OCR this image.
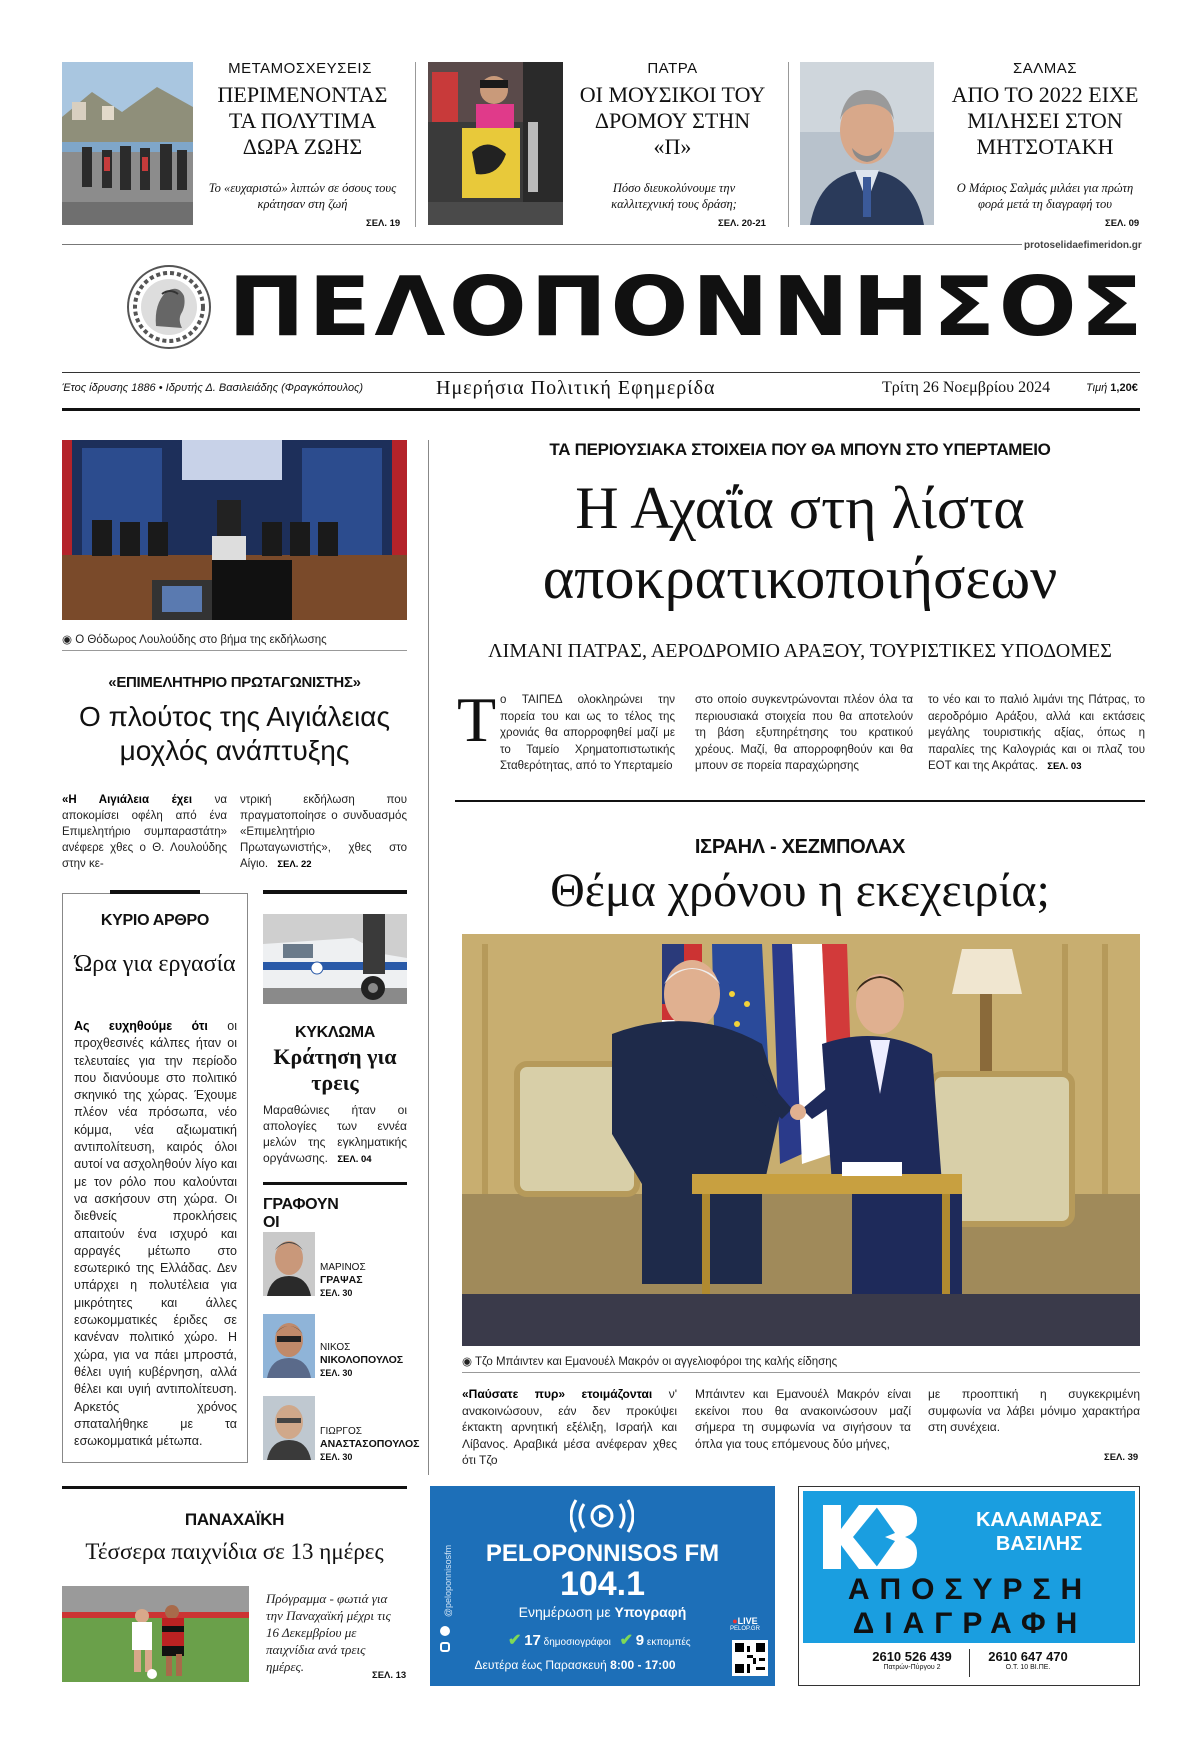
ΜΕΤΑΜΟΣΧΕΥΣΕΙΣ
ΠΕΡΙΜΕΝΟΝΤΑΣ ΤΑ ΠΟΛΥΤΙΜΑ ΔΩΡΑ ΖΩΗΣ
Το «ευχαριστώ» λιπτών σε όσους τους κράτησαν στη ζωή
ΣΕΛ. 19
ΠΑΤΡΑ
ΟΙ ΜΟΥΣΙΚΟΙ ΤΟΥ ΔΡΟΜΟΥ ΣΤΗΝ «Π»
Πόσο διευκολύνουμε την καλλιτεχνική τους δράση;
ΣΕΛ. 20-21
ΣΑΛΜΑΣ
ΑΠΟ ΤΟ 2022 ΕΙΧΕ ΜΙΛΗΣΕΙ ΣΤΟΝ ΜΗΤΣΟΤΑΚΗ
Ο Μάριος Σαλμάς μιλάει για πρώτη φορά μετά τη διαγραφή του
ΣΕΛ. 09
protoselidaefimeridon.gr
ΠΕΛΟΠΟΝΝΗΣΟΣ
Έτος ίδρυσης 1886 • Ιδρυτής Δ. Βασιλειάδης (Φραγκόπουλος)	Ημερήσια Πολιτική Εφημερίδα	Τρίτη 26 Νοεμβρίου 2024	Τιμή 1,20€
◉ Ο Θόδωρος Λουλούδης στο βήμα της εκδήλωσης
«ΕΠΙΜΕΛΗΤΗΡΙΟ ΠΡΩΤΑΓΩΝΙΣΤΗΣ»
Ο πλούτος της Αιγιάλειας μοχλός ανάπτυξης
«Η Αιγιάλεια έχει να αποκομίσει οφέλη από ένα Επιμελητήριο συμπαραστάτη» ανέφερε χθες ο Θ. Λουλούδης στην κε-
ντρική εκδήλωση που πραγματοποίησε ο συνδυασμός «Επιμελητήριο Πρωταγωνιστής», χθες στο Αίγιο. ΣΕΛ. 22
ΚΥΡΙΟ ΑΡΘΡΟ
Ώρα για εργασία
Ας ευχηθούμε ότι οι προχθεσινές κάλπες ήταν οι τελευταίες για την περίοδο που διανύουμε στο πολιτικό σκηνικό της χώρας. Έχουμε πλέον νέα πρόσωπα, νέο κόμμα, νέα αξιωματική αντιπολίτευση, καιρός όλοι αυτοί να ασχοληθούν λίγο και με τον ρόλο που καλούνται να ασκήσουν στη χώρα. Οι διεθνείς προκλήσεις απαιτούν ένα ισχυρό και αρραγές μέτωπο στο εσωτερικό της Ελλάδας. Δεν υπάρχει η πολυτέλεια για μικρότητες και άλλες εσωκομματικές έριδες σε κανέναν πολιτικό χώρο. Η χώρα, για να πάει μπροστά, θέλει υγιή κυβέρνηση, αλλά θέλει και υγιή αντιπολίτευση. Αρκετός χρόνος σπαταλήθηκε με τα εσωκομματικά μέτωπα.
ΚΥΚΛΩΜΑ
Κράτηση για τρεις
Μαραθώνιες ήταν οι απολογίες των εννέα μελών της εγκληματικής οργάνωσης. ΣΕΛ. 04
ΓΡΑΦΟΥΝ ΟΙ
ΜΑΡΙΝΟΣ
ΓΡΑΨΑΣ
ΣΕΛ. 30
ΝΙΚΟΣ
ΝΙΚΟΛΟΠΟΥΛΟΣ
ΣΕΛ. 30
ΓΙΩΡΓΟΣ
ΑΝΑΣΤΑΣΟΠΟΥΛΟΣ
ΣΕΛ. 30
ΤΑ ΠΕΡΙΟΥΣΙΑΚΑ ΣΤΟΙΧΕΙΑ ΠΟΥ ΘΑ ΜΠΟΥΝ ΣΤΟ ΥΠΕΡΤΑΜΕΙΟ
Η Αχαΐα στη λίστα
αποκρατικοποιήσεων
ΛΙΜΑΝΙ ΠΑΤΡΑΣ, ΑΕΡΟΔΡΟΜΙΟ ΑΡΑΞΟΥ, ΤΟΥΡΙΣΤΙΚΕΣ ΥΠΟΔΟΜΕΣ
Τ ο ΤΑΙΠΕΔ ολοκληρώνει την πορεία του και ως το τέλος της χρονιάς θα απορροφηθεί μαζί με το Ταμείο Χρηματοπιστωτικής Σταθερότητας, από το Υπερταμείο
στο οποίο συγκεντρώνονται πλέον όλα τα περιουσιακά στοιχεία που θα αποτελούν τη βάση εξυπηρέτησης του κρατικού χρέους. Μαζί, θα απορροφηθούν και θα μπουν σε πορεία παραχώρησης
το νέο και το παλιό λιμάνι της Πάτρας, το αεροδρόμιο Αράξου, αλλά και εκτάσεις μεγάλης τουριστικής αξίας, όπως η παραλίες της Καλογριάς και οι πλαζ του ΕΟΤ και της Ακράτας. ΣΕΛ. 03
ΙΣΡΑΗΛ - ΧΕΖΜΠΟΛΑΧ
Θέμα χρόνου η εκεχειρία;
◉ Τζο Μπάιντεν και Εμανουέλ Μακρόν οι αγγελιοφόροι της καλής είδησης
«Παύσατε πυρ» ετοιμάζονται ν' ανακοινώσουν, εάν δεν προκύψει έκτακτη αρνητική εξέλιξη, Ισραήλ και Λίβανος. Αραβικά μέσα ανέφεραν χθες ότι Τζο
Μπάιντεν και Εμανουέλ Μακρόν είναι εκείνοι που θα ανακοινώσουν μαζί σήμερα τη συμφωνία να σιγήσουν τα όπλα για τους επόμενους δύο μήνες,
με προοπτική η συγκεκριμένη συμφωνία να λάβει μόνιμο χαρακτήρα στη συνέχεια.
ΣΕΛ. 39
ΠΑΝΑΧΑΪΚΗ
Τέσσερα παιχνίδια σε 13 ημέρες
Πρόγραμμα - φωτιά για την Παναχαϊκή μέχρι τις 16 Δεκεμβρίου με παιχνίδια ανά τρεις ημέρες.
ΣΕΛ. 13
@peloponnisosfm	PELOPONNISOS FM
104.1
Ενημέρωση με Υπογραφή
✔ 17 δημοσιογράφοι ✔ 9 εκπομπές
Δευτέρα έως Παρασκευή 8:00 - 17:00
●LIVE
PELOP.GR
ΚΑΛΑΜΑΡΑΣ
ΒΑΣΙΛΗΣ
ΑΠΟΣΥΡΣΗ
ΔΙΑΓΡΑΦΗ
2610 526 439
Πατρών-Πύργου 2
2610 647 470
Ο.Τ. 10 ΒΙ.ΠΕ.
